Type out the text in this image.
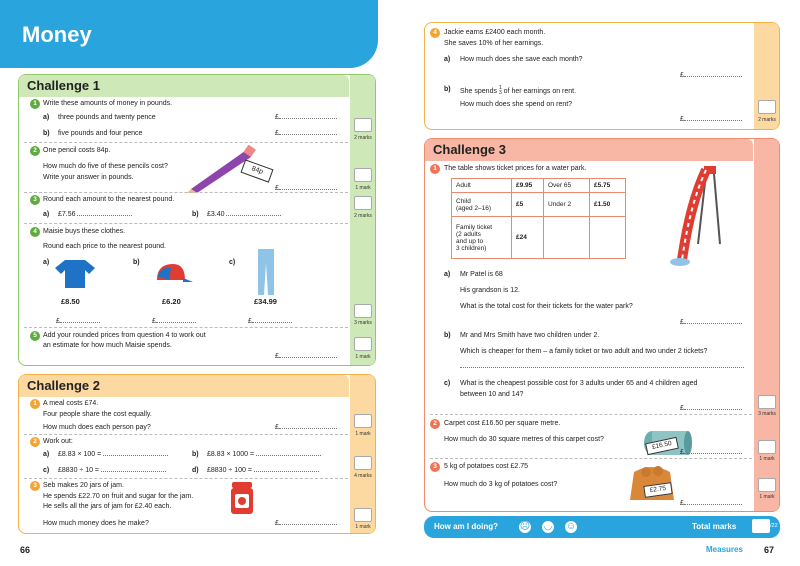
Money
Challenge 1
1 Write these amounts of money in pounds.
a) three pounds and twenty pence	£
b) five pounds and four pence	£
2 marks
2 One pencil costs 84p.
How much do five of these pencils cost?
Write your answer in pounds.
84p
£	1 mark
3 Round each amount to the nearest pound.
a) £7.56	b) £3.40	2 marks
4 Maisie buys these clothes.
Round each price to the nearest pound.
a)	b)	c)
£8.50	£6.20	£34.99
£	£	£	3 marks
5 Add your rounded prices from question 4 to work out
an estimate for how much Maisie spends.
£	1 mark
Challenge 2
1 A meal costs £74.
Four people share the cost equally.
How much does each person pay?	£
1 mark
2 Work out:
a) £8.83 × 100 =	b) £8.83 × 1000 =
c) £8830 ÷ 10 =	d) £8830 ÷ 100 =
4 marks
3 Seb makes 20 jars of jam.
He spends £22.70 on fruit and sugar for the jam.
He sells all the jars of jam for £2.40 each.
How much money does he make?	£	1 mark
66
4	Jackie earns £2400 each month.
She saves 10% of her earnings.
a) How much does she save each month?
£
b) She spends 1
3 of her earnings on rent.
How much does she spend on rent?
£	2 marks
Challenge 3
1	The table shows ticket prices for a water park.
Adult	£9.95	Over 65	£5.75
Child
(aged 2–16)	£5	Under 2	£1.50
Family ticket
(2 adults
and up to
3 children)	£24		
a) Mr Patel is 68
His grandson is 12.
What is the total cost for their tickets for the water park?
£
b) Mr and Mrs Smith have two children under 2.
Which is cheaper for them – a family ticket or two adult and two under 2 tickets?
c) What is the cheapest possible cost for 3 adults under 65 and 4 children aged
between 10 and 14?
£
3 marks
2	Carpet cost £16.50 per square metre.
How much do 30 square metres of this carpet cost?
£16.50
£
1 mark
3	5 kg of potatoes cost £2.75
How much do 3 kg of potatoes cost?
£2.75
£
1 mark
How am I doing? ☹ ◡ ☺	Total marks	/22
Measures 67
